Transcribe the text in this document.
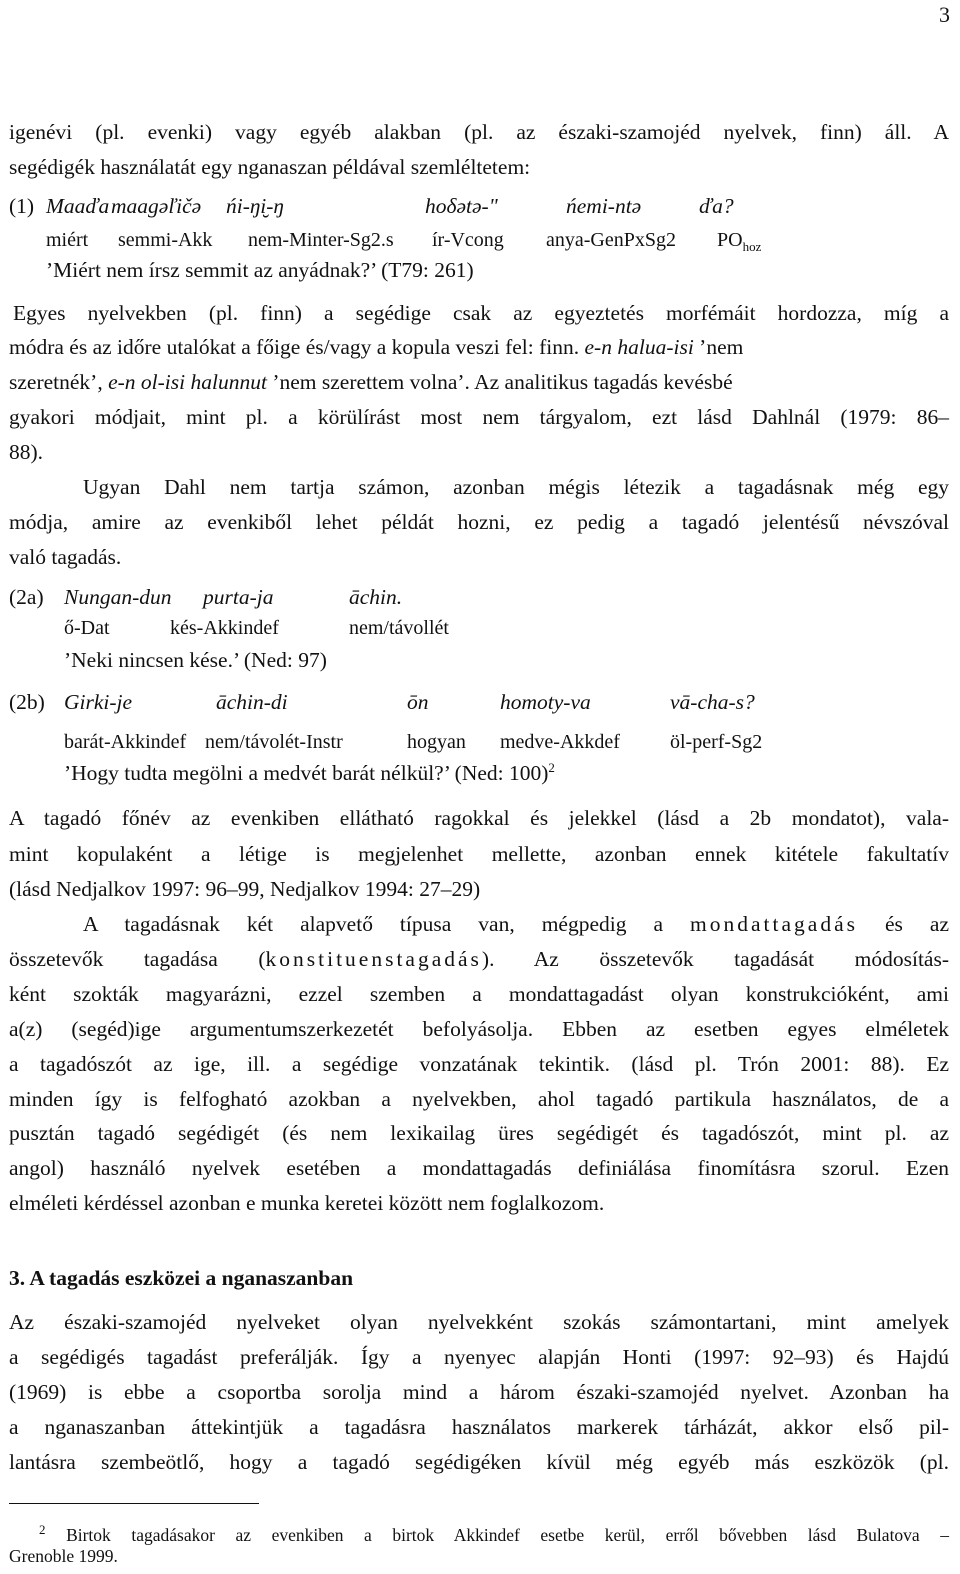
3
igenévi (pl. evenki) vagy egyéb alakban (pl. az északi-szamojéd nyelvek, finn) áll. A
segédigék használatát egy nganaszan példával szemléltetem:
(1) Maaďa maagəľičə ńi-ŋi̮-ŋ	hoδətə-"	ńemi-ntə	ďa?
miért semmi-Akk nem-Minter-Sg2.s ír-Vcong anya-GenPxSg2 $PO_{hoz}$
’Miért nem írsz semmit az anyádnak?’ (T79: 261)
Egyes nyelvekben (pl. finn) a segédige csak az egyeztetés morfémáit hordozza, míg a
módra és az időre utalókat a főige és/vagy a kopula veszi fel: finn. e-n halua-isi ’nem
szeretnék’, e-n ol-isi halunnut ’nem szerettem volna’. Az analitikus tagadás kevésbé
gyakori módjait, mint pl. a körülírást most nem tárgyalom, ezt lásd Dahlnál (1979: 86–
88).
Ugyan Dahl nem tartja számon, azonban mégis létezik a tagadásnak még egy
módja, amire az evenkiből lehet példát hozni, ez pedig a tagadó jelentésű névszóval
való tagadás.
(2a) Nungan-dun purta-ja	āchin.
ő-Dat	kés-Akkindef	nem/távollét
’Neki nincsen kése.’ (Ned: 97)
(2b) Girki-je	āchin-di	ōn	homoty-va	vā-cha-s?
barát-Akkindef nem/távolét-Instr	hogyan medve-Akkdef	öl-perf-Sg2
’Hogy tudta megölni a medvét barát nélkül?’ (Ned: 100)$^2$
A tagadó főnév az evenkiben ellátható ragokkal és jelekkel (lásd a 2b mondatot), vala-
mint kopulaként a létige is megjelenhet mellette, azonban ennek kitétele fakultatív
(lásd Nedjalkov 1997: 96–99, Nedjalkov 1994: 27–29)
A tagadásnak két alapvető típusa van, mégpedig a mondattagadás és az
összetevők tagadása (konstituenstagadás). Az összetevők tagadását módosítás-
ként szokták magyarázni, ezzel szemben a mondattagadást olyan konstrukcióként, ami
a(z) (segéd)ige argumentumszerkezetét befolyásolja. Ebben az esetben egyes elméletek
a tagadószót az ige, ill. a segédige vonzatának tekintik. (lásd pl. Trón 2001: 88). Ez
minden így is felfogható azokban a nyelvekben, ahol tagadó partikula használatos, de a
pusztán tagadó segédigét (és nem lexikailag üres segédigét és tagadószót, mint pl. az
angol) használó nyelvek esetében a mondattagadás definiálása finomításra szorul. Ezen
elméleti kérdéssel azonban e munka keretei között nem foglalkozom.
3. A tagadás eszközei a nganaszanban
Az északi-szamojéd nyelveket olyan nyelvekként szokás számontartani, mint amelyek
a segédigés tagadást preferálják. Így a nyenyec alapján Honti (1997: 92–93) és Hajdú
(1969) is ebbe a csoportba sorolja mind a három északi-szamojéd nyelvet. Azonban ha
a nganaszanban áttekintjük a tagadásra használatos markerek tárházát, akkor első pil-
lantásra szembeötlő, hogy a tagadó segédigéken kívül még egyéb más eszközök (pl.
$^2$ Birtok tagadásakor az evenkiben a birtok Akkindef esetbe kerül, erről bővebben lásd Bulatova –
Grenoble 1999.
